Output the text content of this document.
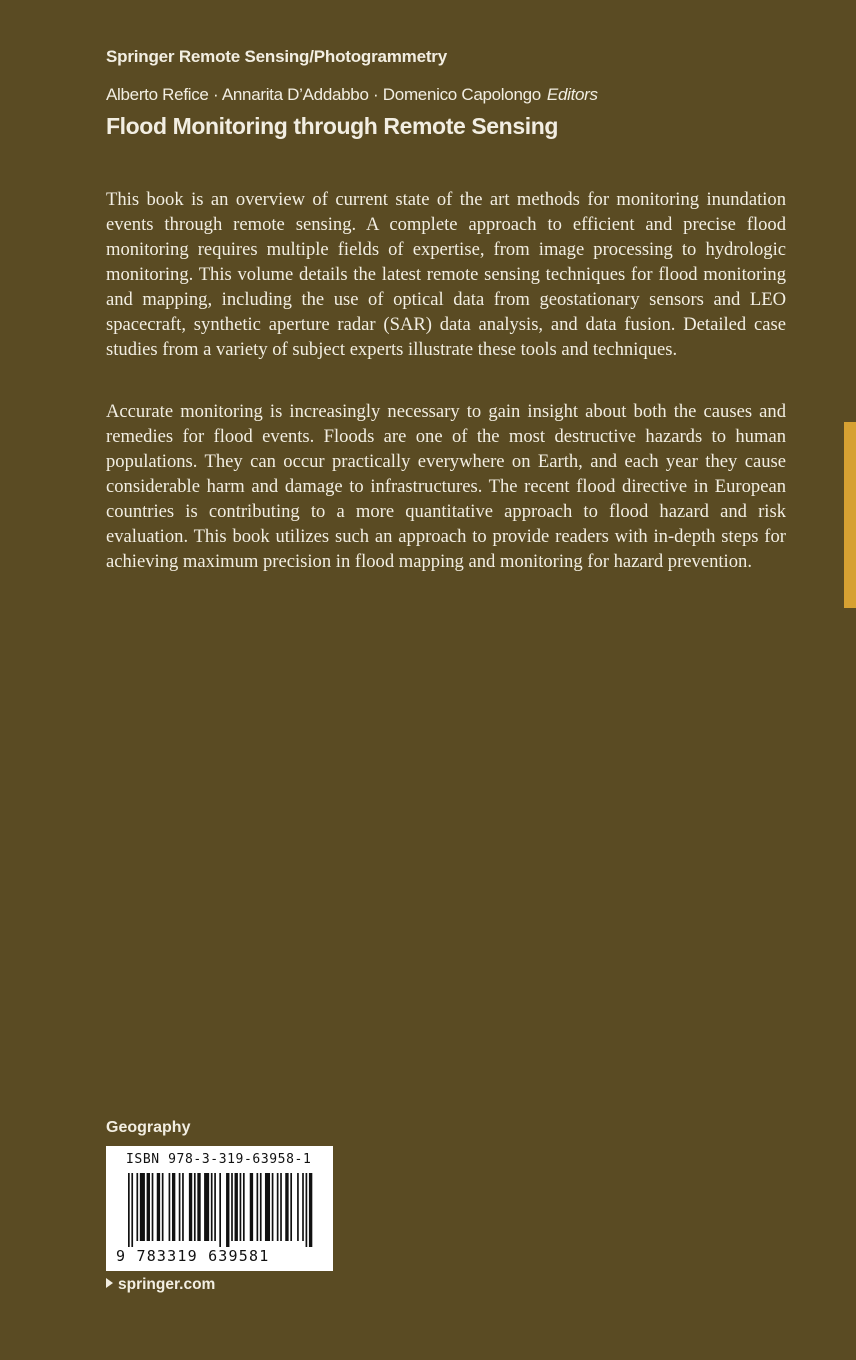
Springer Remote Sensing/Photogrammetry
Alberto Refice · Annarita D’Addabbo · Domenico Capolongo Editors
Flood Monitoring through Remote Sensing

This book is an overview of current state of the art methods for monitoring inundation events through remote sensing. A complete approach to efficient and precise flood monitoring requires multiple fields of expertise, from image processing to hydrologic monitoring. This volume details the latest remote sensing techniques for flood monitoring and mapping, including the use of optical data from geostationary sensors and LEO spacecraft, synthetic aperture radar (SAR) data analysis, and data fusion. Detailed case studies from a variety of subject experts illustrate these tools and techniques.

Accurate monitoring is increasingly necessary to gain insight about both the causes and remedies for flood events. Floods are one of the most destructive hazards to human populations. They can occur practically everywhere on Earth, and each year they cause considerable harm and damage to infrastructures. The recent flood directive in European countries is contributing to a more quantitative approach to flood hazard and risk evaluation. This book utilizes such an approach to provide readers with in-depth steps for achieving maximum precision in flood mapping and monitoring for hazard prevention.

Geography
ISBN 978-3-319-63958-1
9 783319 639581
springer.com
